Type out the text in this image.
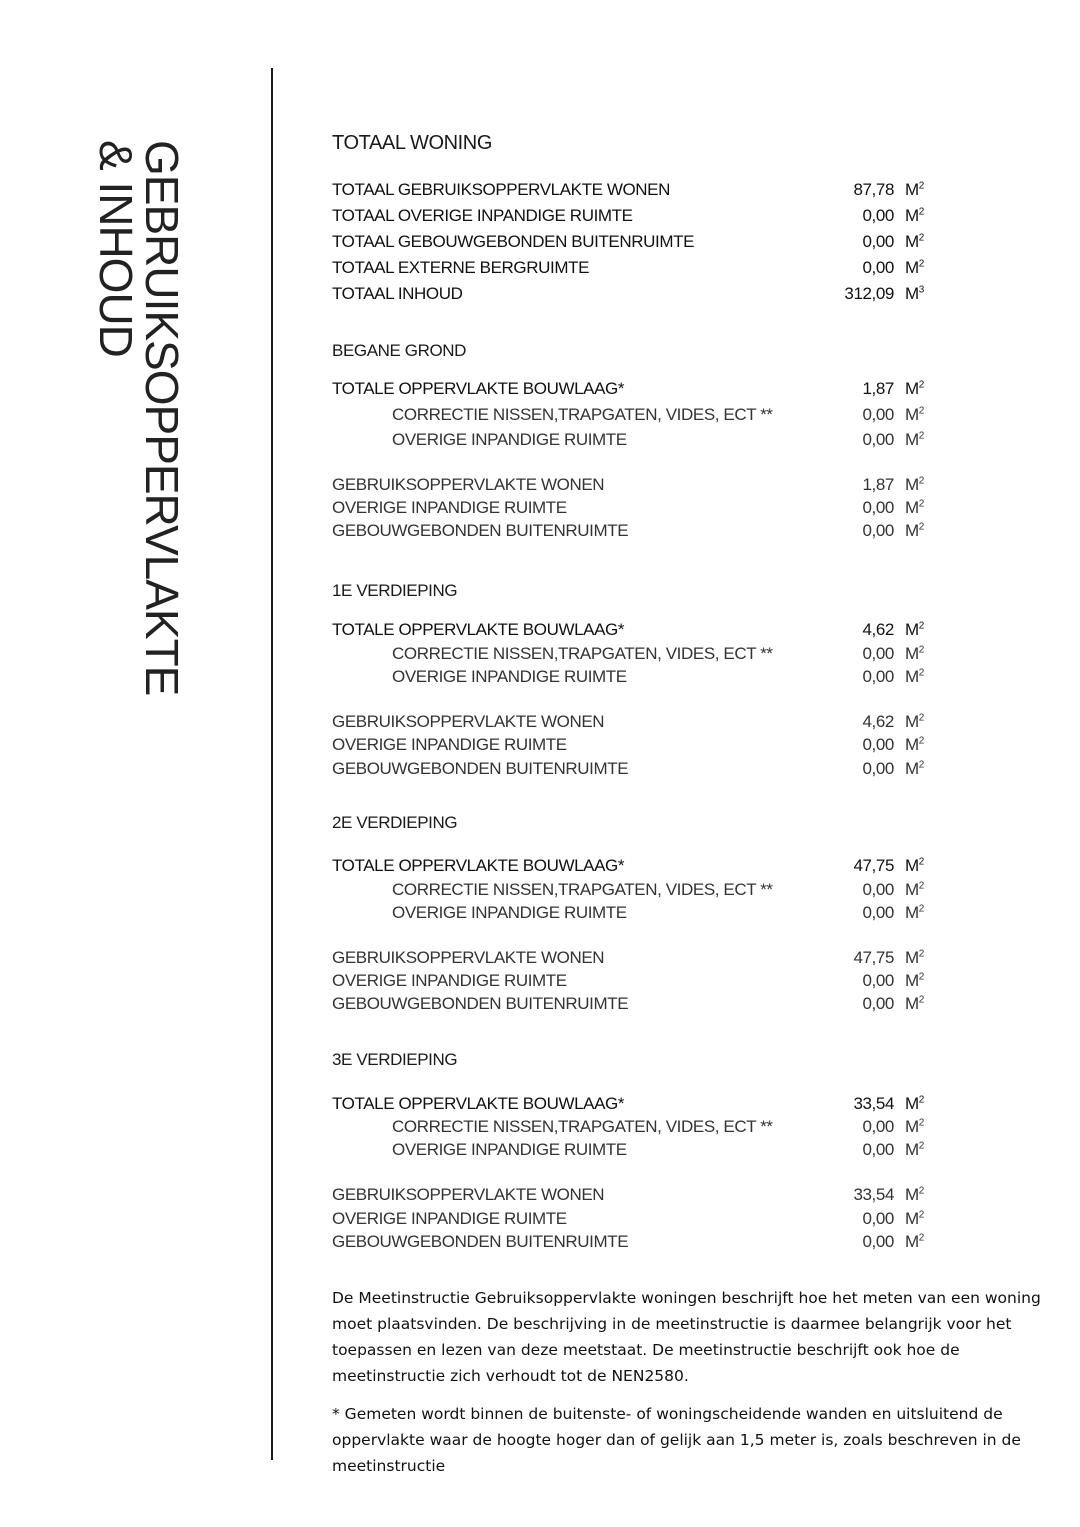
GEBRUIKSOPPERVLAKTE
& INHOUD	TOTAAL WONING
TOTAAL GEBRUIKSOPPERVLAKTE WONEN	87,78 $M^2$
TOTAAL OVERIGE INPANDIGE RUIMTE	0,00 $M^2$
TOTAAL GEBOUWGEBONDEN BUITENRUIMTE	0,00 $M^2$
TOTAAL EXTERNE BERGRUIMTE	0,00 $M^2$
TOTAAL INHOUD	312,09 $M^3$
BEGANE GROND
TOTALE OPPERVLAKTE BOUWLAAG*	1,87 $M^2$
CORRECTIE NISSEN,TRAPGATEN, VIDES, ECT **	0,00 $M^2$
OVERIGE INPANDIGE RUIMTE	0,00 $M^2$
GEBRUIKSOPPERVLAKTE WONEN	1,87 $M^2$
OVERIGE INPANDIGE RUIMTE	0,00 $M^2$
GEBOUWGEBONDEN BUITENRUIMTE	0,00 $M^2$
1E VERDIEPING
TOTALE OPPERVLAKTE BOUWLAAG*	4,62 $M^2$
CORRECTIE NISSEN,TRAPGATEN, VIDES, ECT **	0,00 $M^2$
OVERIGE INPANDIGE RUIMTE	0,00 $M^2$
GEBRUIKSOPPERVLAKTE WONEN	4,62 $M^2$
OVERIGE INPANDIGE RUIMTE	0,00 $M^2$
GEBOUWGEBONDEN BUITENRUIMTE	0,00 $M^2$
2E VERDIEPING
TOTALE OPPERVLAKTE BOUWLAAG*	47,75 $M^2$
CORRECTIE NISSEN,TRAPGATEN, VIDES, ECT **	0,00 $M^2$
OVERIGE INPANDIGE RUIMTE	0,00 $M^2$
GEBRUIKSOPPERVLAKTE WONEN	47,75 $M^2$
OVERIGE INPANDIGE RUIMTE	0,00 $M^2$
GEBOUWGEBONDEN BUITENRUIMTE	0,00 $M^2$
3E VERDIEPING
TOTALE OPPERVLAKTE BOUWLAAG*	33,54 $M^2$
CORRECTIE NISSEN,TRAPGATEN, VIDES, ECT **	0,00 $M^2$
OVERIGE INPANDIGE RUIMTE	0,00 $M^2$
GEBRUIKSOPPERVLAKTE WONEN	33,54 $M^2$
OVERIGE INPANDIGE RUIMTE	0,00 $M^2$
GEBOUWGEBONDEN BUITENRUIMTE	0,00 $M^2$
De Meetinstructie Gebruiksoppervlakte woningen beschrijft hoe het meten van een woning moet plaatsvinden. De beschrijving in de meetinstructie is daarmee belangrijk voor het toepassen en lezen van deze meetstaat. De meetinstructie beschrijft ook hoe de meetinstructie zich verhoudt tot de NEN2580.
* Gemeten wordt binnen de buitenste- of woningscheidende wanden en uitsluitend de oppervlakte waar de hoogte hoger dan of gelijk aan 1,5 meter is, zoals beschreven in de meetinstructie
